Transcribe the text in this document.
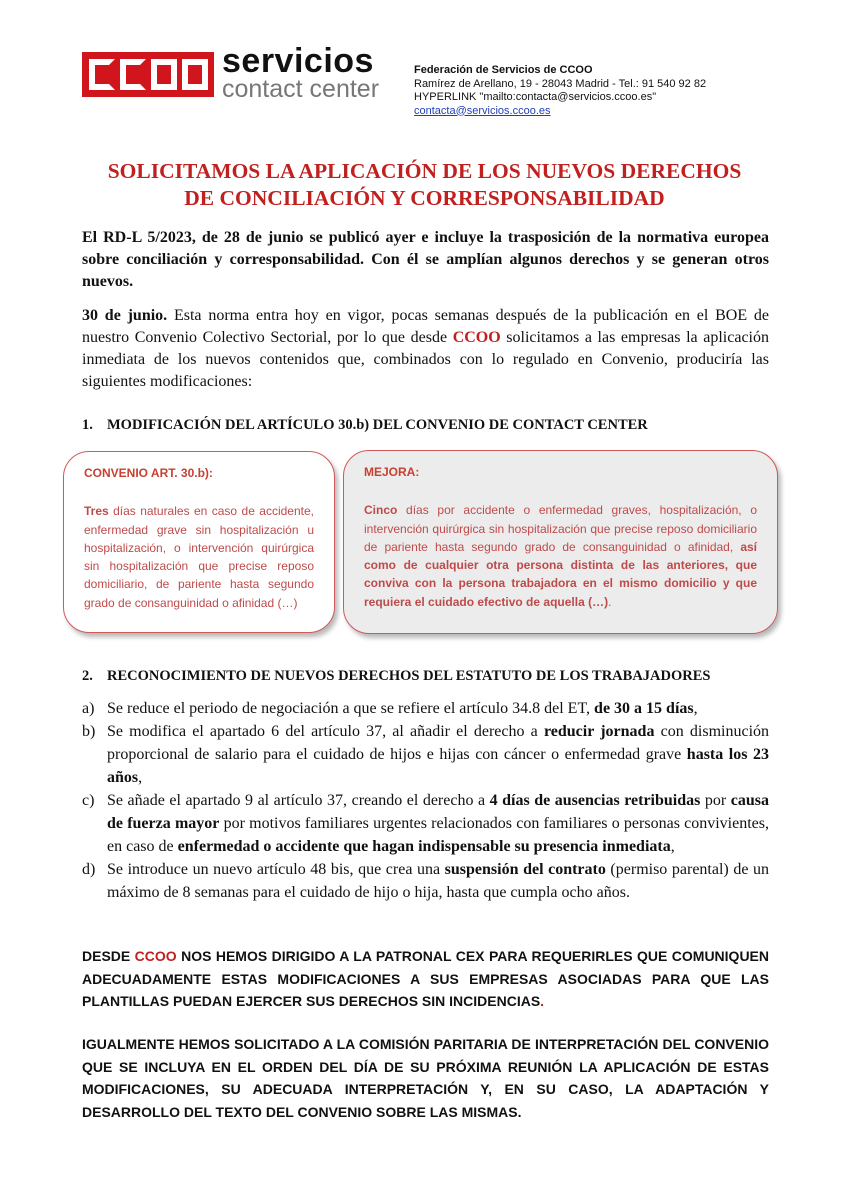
servicios
contact center
Federación de Servicios de CCOO
Ramírez de Arellano, 19 - 28043 Madrid - Tel.: 91 540 92 82
HYPERLINK "mailto:contacta@servicios.ccoo.es"
contacta@servicios.ccoo.es
SOLICITAMOS LA APLICACIÓN DE LOS NUEVOS DERECHOS
DE CONCILIACIÓN Y CORRESPONSABILIDAD
El RD-L 5/2023, de 28 de junio se publicó ayer e incluye la trasposición de la normativa europea sobre conciliación y corresponsabilidad. Con él se amplían algunos derechos y se generan otros nuevos.
30 de junio. Esta norma entra hoy en vigor, pocas semanas después de la publicación en el BOE de nuestro Convenio Colectivo Sectorial, por lo que desde CCOO solicitamos a las empresas la aplicación inmediata de los nuevos contenidos que, combinados con lo regulado en Convenio, produciría las siguientes modificaciones:
1. MODIFICACIÓN DEL ARTÍCULO 30.b) DEL CONVENIO DE CONTACT CENTER
CONVENIO ART. 30.b):
Tres días naturales en caso de accidente, enfermedad grave sin hospitalización u hospitalización, o intervención quirúrgica sin hospitalización que precise reposo domiciliario, de pariente hasta segundo grado de consanguinidad o afinidad (…)
MEJORA:
Cinco días por accidente o enfermedad graves, hospitalización, o intervención quirúrgica sin hospitalización que precise reposo domiciliario de pariente hasta segundo grado de consanguinidad o afinidad, así como de cualquier otra persona distinta de las anteriores, que conviva con la persona trabajadora en el mismo domicilio y que requiera el cuidado efectivo de aquella (…).
2. RECONOCIMIENTO DE NUEVOS DERECHOS DEL ESTATUTO DE LOS TRABAJADORES
a) Se reduce el periodo de negociación a que se refiere el artículo 34.8 del ET, de 30 a 15 días,
b) Se modifica el apartado 6 del artículo 37, al añadir el derecho a reducir jornada con disminución proporcional de salario para el cuidado de hijos e hijas con cáncer o enfermedad grave hasta los 23 años,
c) Se añade el apartado 9 al artículo 37, creando el derecho a 4 días de ausencias retribuidas por causa de fuerza mayor por motivos familiares urgentes relacionados con familiares o personas convivientes, en caso de enfermedad o accidente que hagan indispensable su presencia inmediata,
d) Se introduce un nuevo artículo 48 bis, que crea una suspensión del contrato (permiso parental) de un máximo de 8 semanas para el cuidado de hijo o hija, hasta que cumpla ocho años.
DESDE CCOO NOS HEMOS DIRIGIDO A LA PATRONAL CEX PARA REQUERIRLES QUE COMUNIQUEN ADECUADAMENTE ESTAS MODIFICACIONES A SUS EMPRESAS ASOCIADAS PARA QUE LAS PLANTILLAS PUEDAN EJERCER SUS DERECHOS SIN INCIDENCIAS.
IGUALMENTE HEMOS SOLICITADO A LA COMISIÓN PARITARIA DE INTERPRETACIÓN DEL CONVENIO QUE SE INCLUYA EN EL ORDEN DEL DÍA DE SU PRÓXIMA REUNIÓN LA APLICACIÓN DE ESTAS MODIFICACIONES, SU ADECUADA INTERPRETACIÓN Y, EN SU CASO, LA ADAPTACIÓN Y DESARROLLO DEL TEXTO DEL CONVENIO SOBRE LAS MISMAS.
